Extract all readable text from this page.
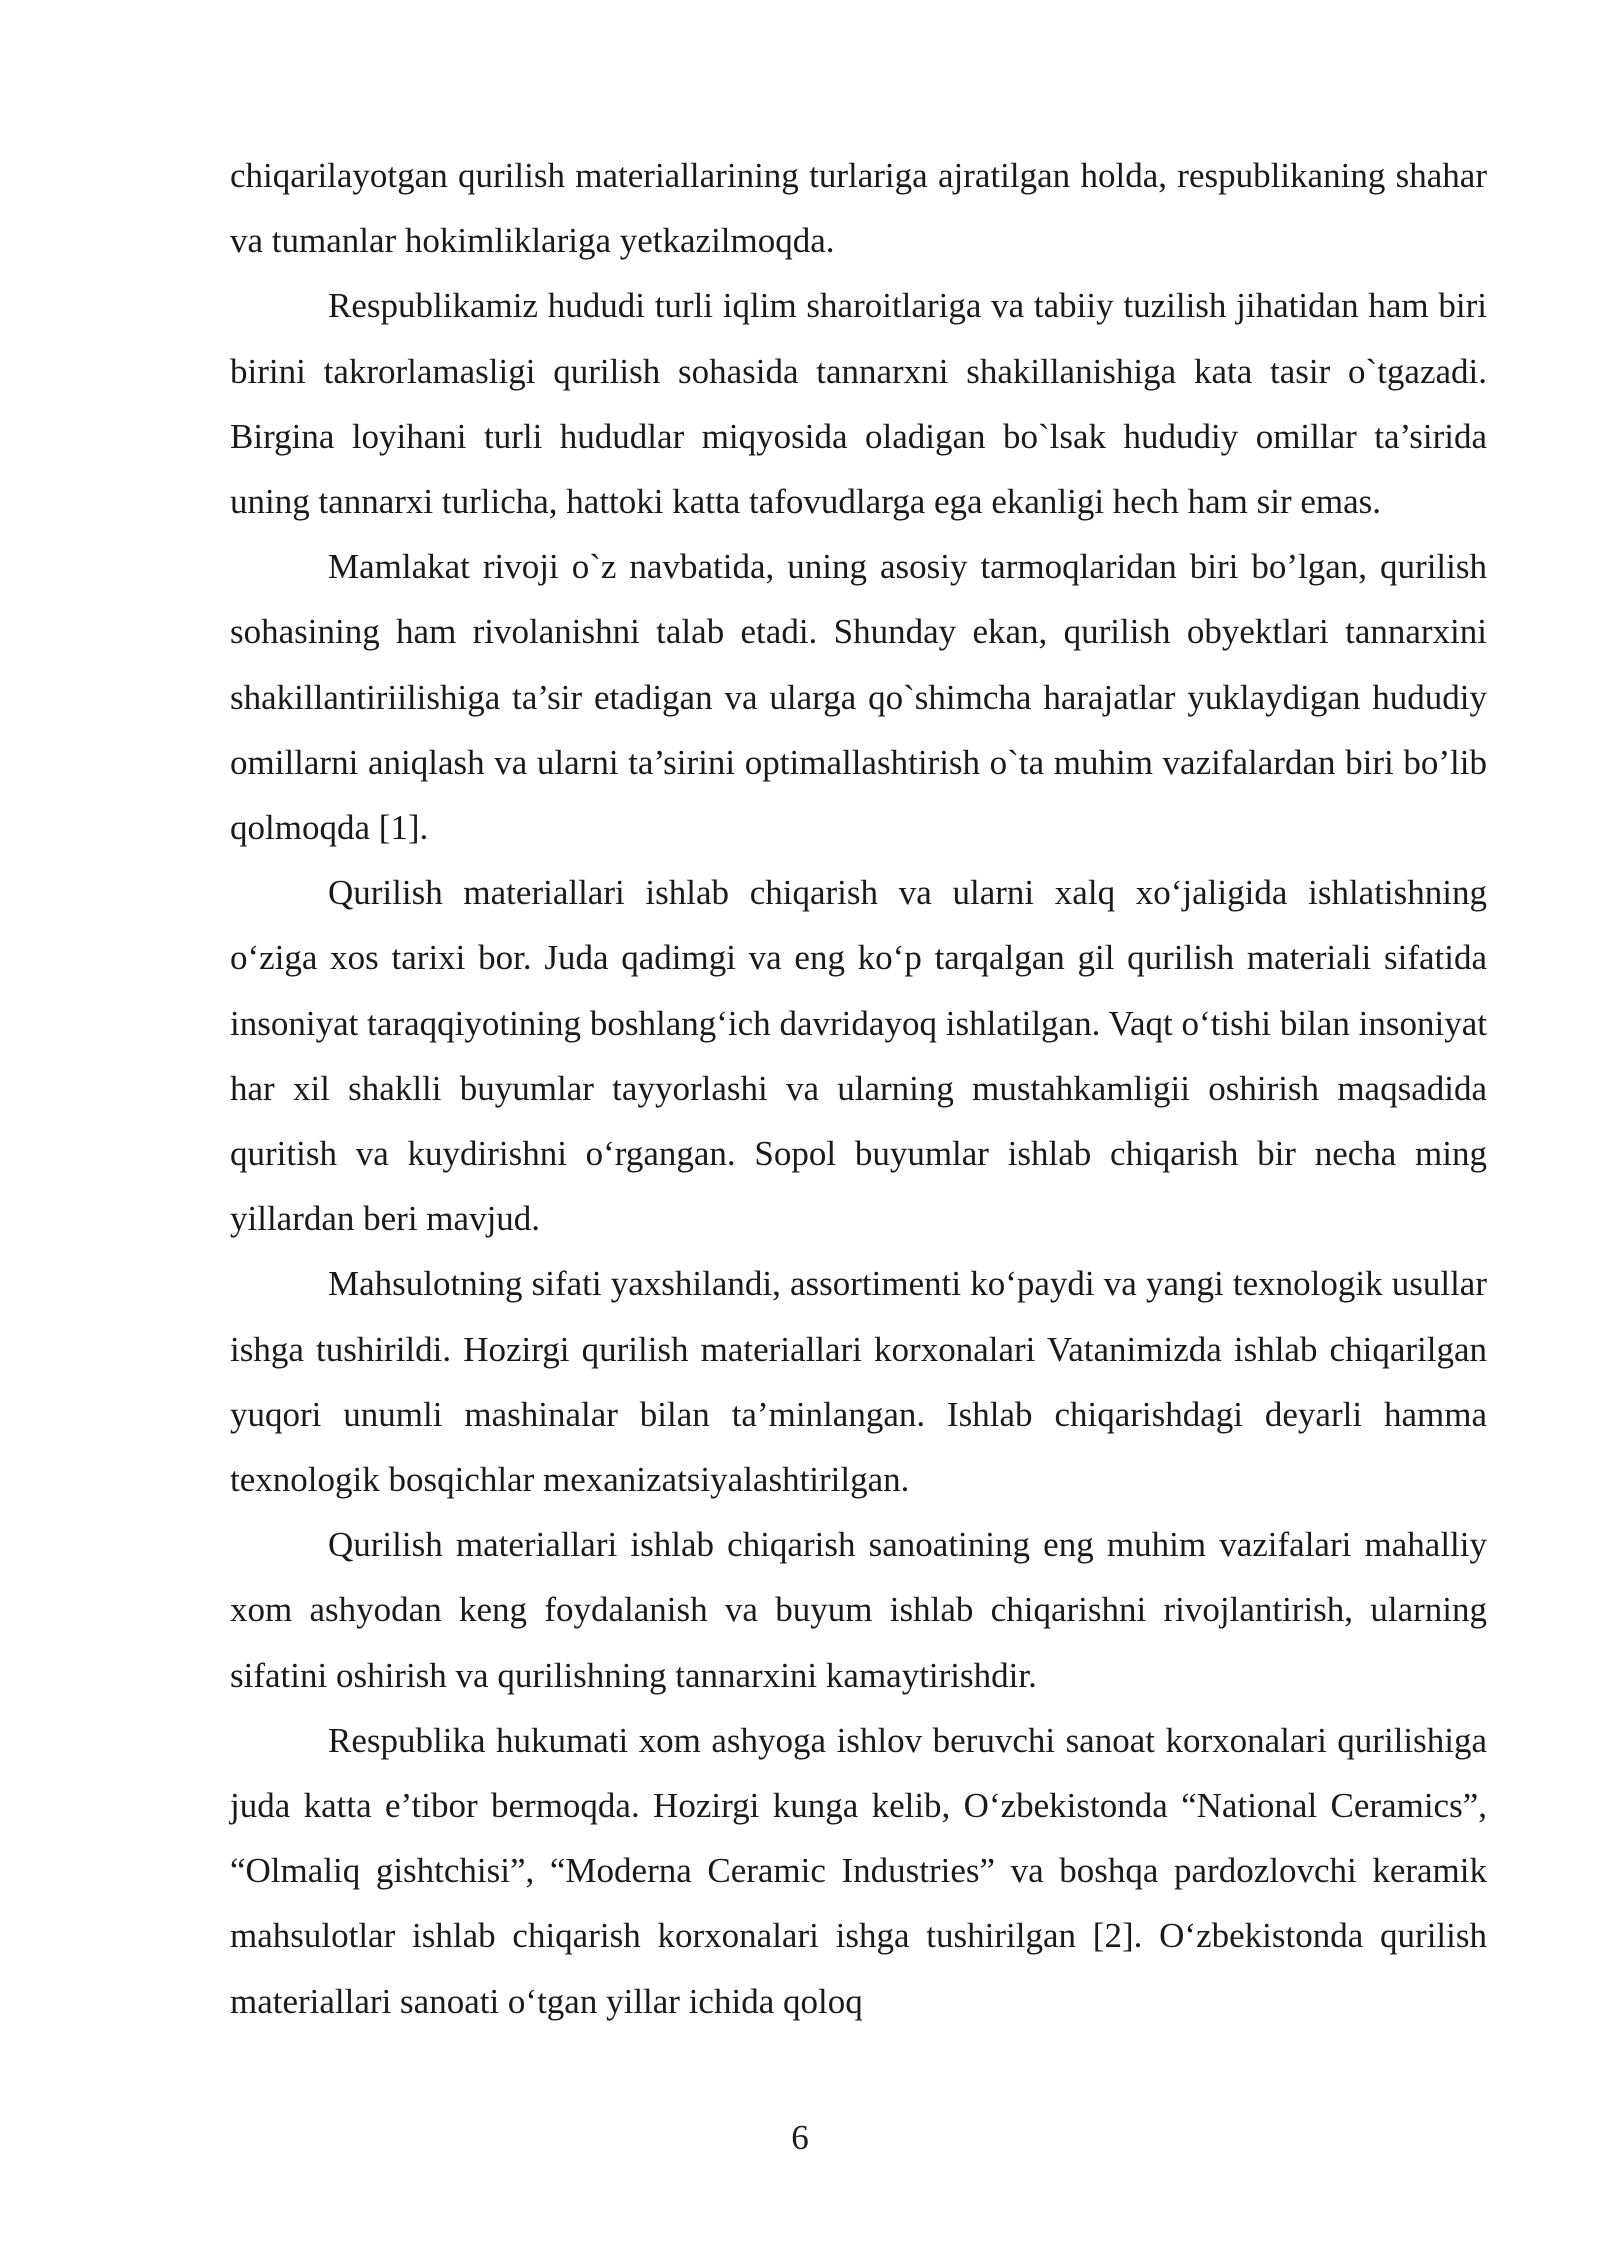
chiqarilayotgan qurilish materiallarining turlariga ajratilgan holda, respublikaning shahar va tumanlar hokimliklariga yetkazilmoqda.

Respublikamiz hududi turli iqlim sharoitlariga va tabiiy tuzilish jihatidan ham biri birini takrorlamasligi qurilish sohasida tannarxni shakillanishiga kata tasir o`tgazadi. Birgina loyihani turli hududlar miqyosida oladigan bo`lsak hududiy omillar ta’sirida uning tannarxi turlicha, hattoki katta tafovudlarga ega ekanligi hech ham sir emas.

Mamlakat rivoji o`z navbatida, uning asosiy tarmoqlaridan biri bo’lgan, qurilish sohasining ham rivolanishni talab etadi. Shunday ekan, qurilish obyektlari tannarxini shakillantiriilishiga ta’sir etadigan va ularga qo`shimcha harajatlar yuklaydigan hududiy omillarni aniqlash va ularni ta’sirini optimallashtirish o`ta muhim vazifalardan biri bo’lib qolmoqda [1].

Qurilish materiallari ishlab chiqarish va ularni xalq xo‘jaligida ishlatishning o‘ziga xos tarixi bor. Juda qadimgi va eng ko‘p tarqalgan gil qurilish materiali sifatida insoniyat taraqqiyotining boshlang‘ich davridayoq ishlatilgan. Vaqt o‘tishi bilan insoniyat har xil shaklli buyumlar tayyorlashi va ularning mustahkamligii oshirish maqsadida quritish va kuydirishni o‘rgangan. Sopol buyumlar ishlab chiqarish bir necha ming yillardan beri mavjud.

Mahsulotning sifati yaxshilandi, assortimenti ko‘paydi va yangi texnologik usullar ishga tushirildi. Hozirgi qurilish materiallari korxonalari Vatanimizda ishlab chiqarilgan yuqori unumli mashinalar bilan ta’minlangan. Ishlab chiqarishdagi deyarli hamma texnologik bosqichlar mexanizatsiyalashtirilgan.

Qurilish materiallari ishlab chiqarish sanoatining eng muhim vazifalari mahalliy xom ashyodan keng foydalanish va buyum ishlab chiqarishni rivojlantirish, ularning sifatini oshirish va qurilishning tannarxini kamaytirishdir.

Respublika hukumati xom ashyoga ishlov beruvchi sanoat korxonalari qurilishiga juda katta e’tibor bermoqda. Hozirgi kunga kelib, O‘zbekistonda “National Ceramics”, “Olmaliq gishtchisi”, “Moderna Ceramic Industries” va boshqa pardozlovchi keramik mahsulotlar ishlab chiqarish korxonalari ishga tushirilgan [2]. O‘zbekistonda qurilish materiallari sanoati o‘tgan yillar ichida qoloq

6
